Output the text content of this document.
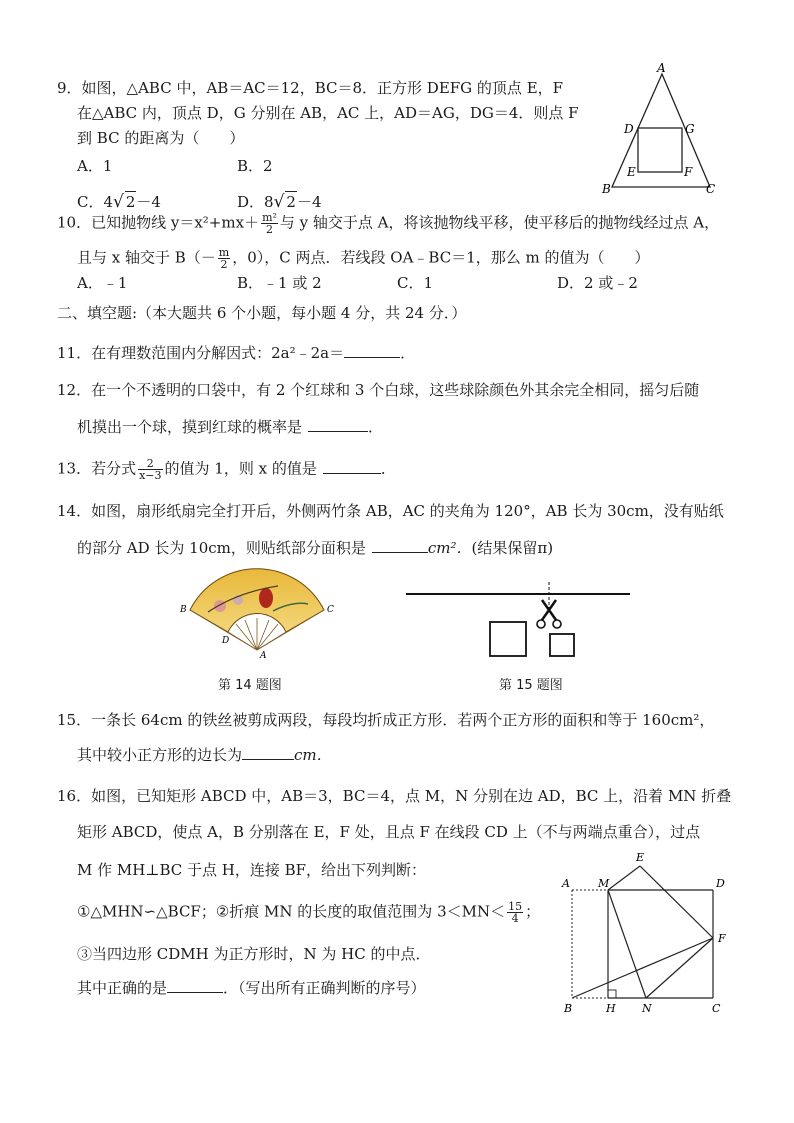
9．如图，△ABC 中，AB＝AC＝12，BC＝8．正方形 DEFG 的顶点 E，F
在△ABC 内，顶点 D，G 分别在 AB，AC 上，AD＝AG，DG＝4．则点 F
到 BC 的距离为（　　）
A．1	B．2
C．4√ 2－4	D．8√ 2－4
A
D	G
E	F
B	C
10．已知抛物线 $y=x^2+mx+ \frac{\text{m²}}{2}$ 与 y 轴交于点 A，将该抛物线平移，使平移后的抛物线经过点 A，
且与 x 轴交于 $B(- \frac{m}{2}$ ，0），C 两点．若线段 OA﹣BC＝1，那么 m 的值为（　　）
A．﹣1	B．﹣1 或 2	C．1	D．2 或﹣2
二、填空题:（本大题共 6 个小题，每小题 4 分，共 24 分．）
11．在有理数范围内分解因式：2a²﹣2a＝	．
12．在一个不透明的口袋中，有 2 个红球和 3 个白球，这些球除颜色外其余完全相同，摇匀后随
机摸出一个球，摸到红球的概率是	．
13．若分式 $\frac{2}{x-3}$ 的值为 1，则 x 的值是	．
14．如图，扇形纸扇完全打开后，外侧两竹条 AB，AC 的夹角为 120°，AB 长为 30cm，没有贴纸
的部分 AD 长为 10cm，则贴纸部分面积是	cm²．(结果保留π)
B	C
D
A
第 14 题图	第 15 题图
15．一条长 64cm 的铁丝被剪成两段，每段均折成正方形．若两个正方形的面积和等于 160cm²，
其中较小正方形的边长为	cm．
16．如图，已知矩形 ABCD 中，AB＝3，BC＝4，点 M，N 分别在边 AD，BC 上，沿着 MN 折叠
矩形 ABCD，使点 A，B 分别落在 E，F 处，且点 F 在线段 CD 上（不与两端点重合），过点
M 作 MH⊥BC 于点 H，连接 BF，给出下列判断：
①△MHN∽△BCF；②折痕 MN 的长度的取值范围为 $3<MN< \frac{15}{4}$ ；
③当四边形 CDMH 为正方形时，N 为 HC 的中点．
其中正确的是	．（写出所有正确判断的序号）
A	M
E
D
F
B	H N	C
